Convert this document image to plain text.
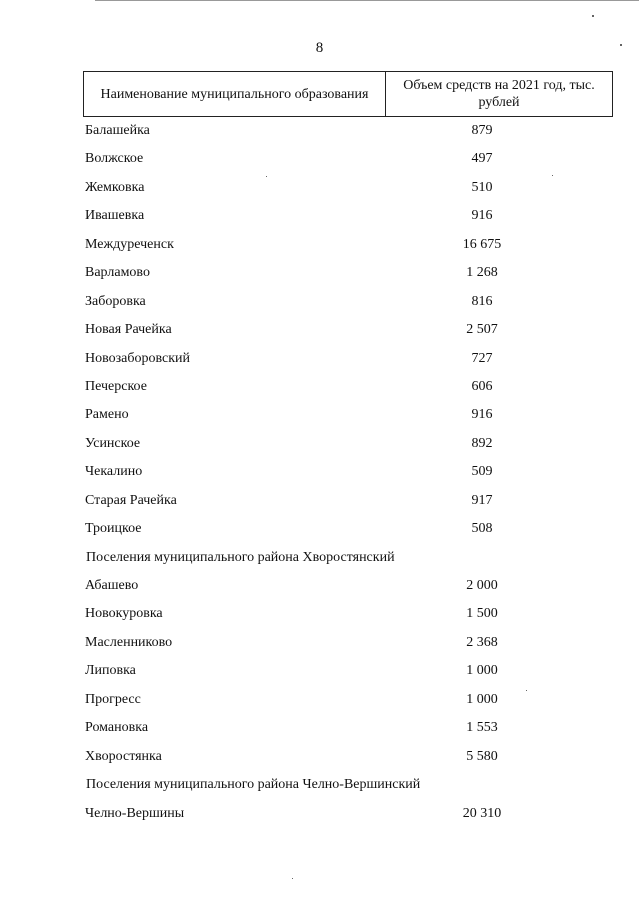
8
Наименование муниципального образования
Объем средств на 2021 год, тыс. рублей
Балашейка	879
Волжское	497
Жемковка	510
Ивашевка	916
Междуреченск	16 675
Варламово	1 268
Заборовка	816
Новая Рачейка	2 507
Новозаборовский	727
Печерское	606
Рамено	916
Усинское	892
Чекалино	509
Старая Рачейка	917
Троицкое	508
Поселения муниципального района Хворостянский
Абашево	2 000
Новокуровка	1 500
Масленниково	2 368
Липовка	1 000
Прогресс	1 000
Романовка	1 553
Хворостянка	5 580
Поселения муниципального района Челно-Вершинский
Челно-Вершины	20 310
